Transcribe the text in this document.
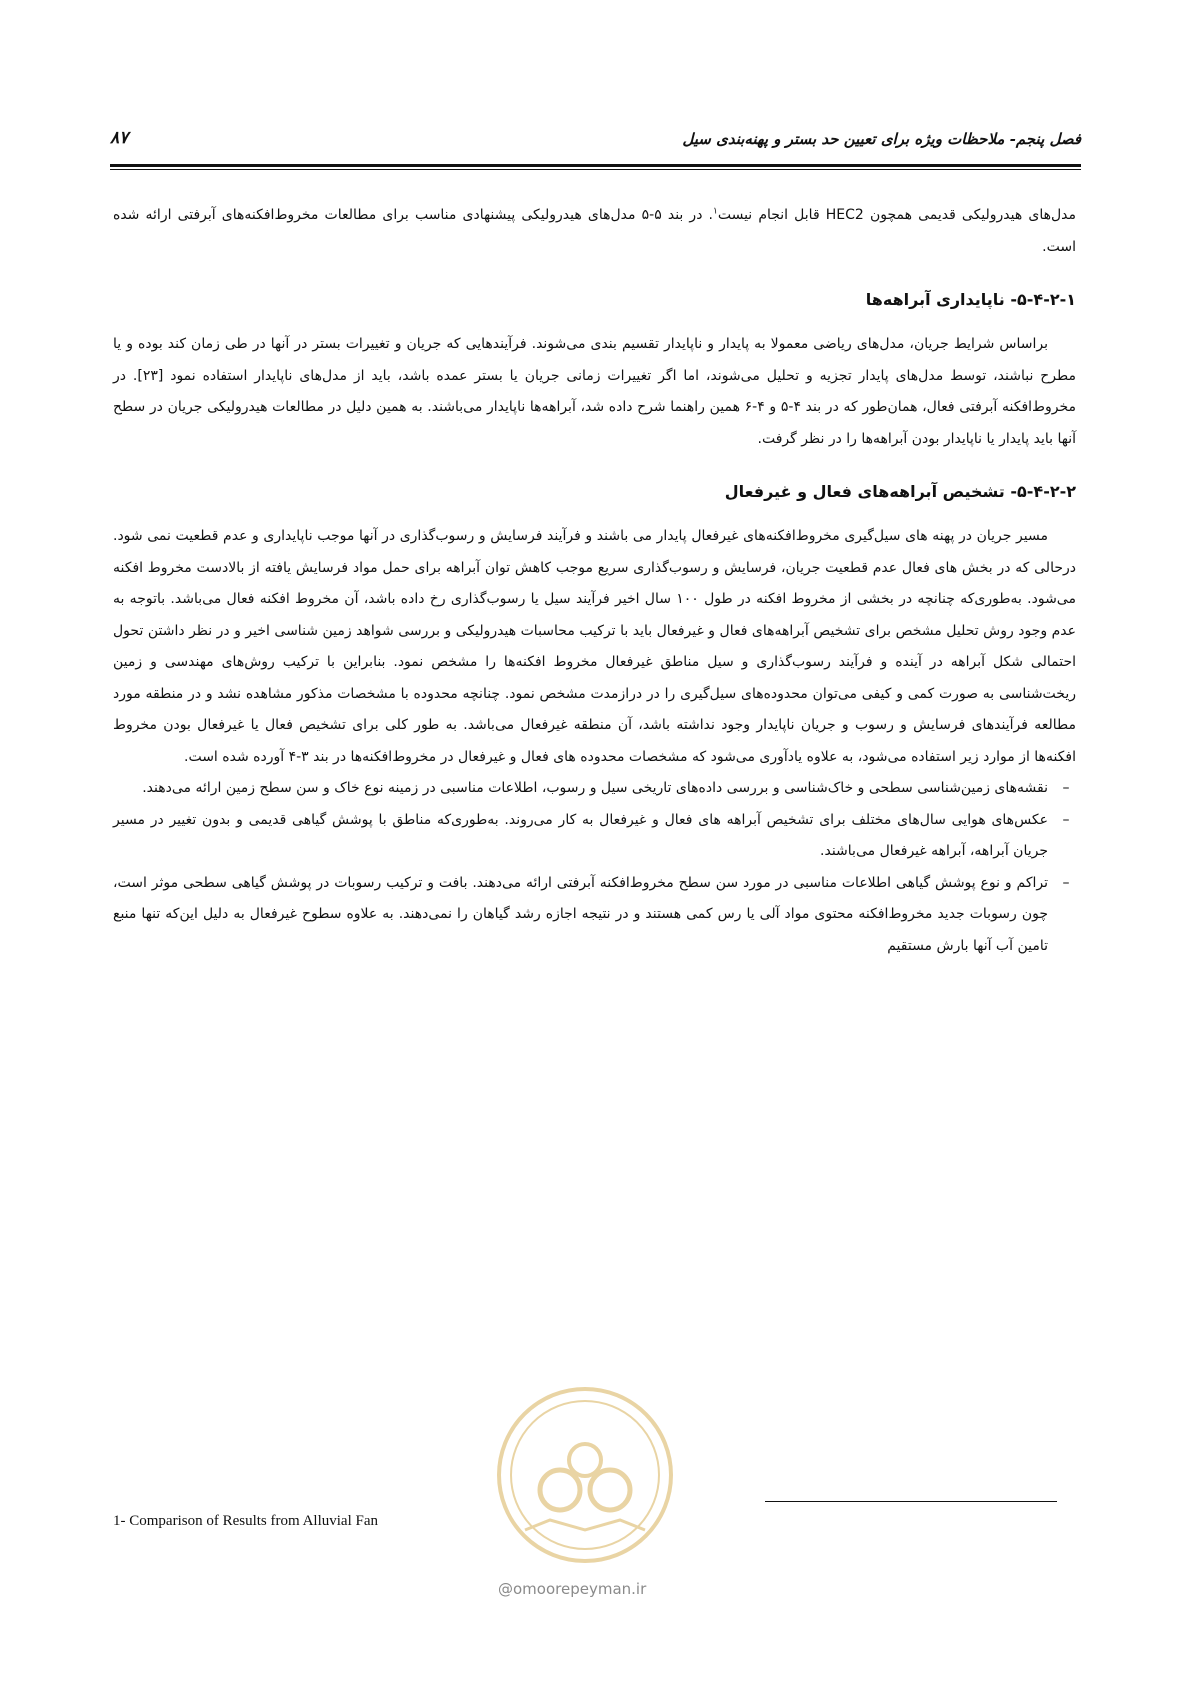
فصل پنجم- ملاحظات ویژه برای تعیین حد بستر و پهنه‌بندی سیل
۸۷

مدل‌های هیدرولیکی قدیمی همچون HEC2 قابل انجام نیست$^۱$. در بند ۵-۵ مدل‌های هیدرولیکی پیشنهادی مناسب برای مطالعات مخروط‌افکنه‌های آبرفتی ارائه شده است.

۵-۴-۲-۱- ناپایداری آبراهه‌ها

براساس شرایط جریان، مدل‌های ریاضی معمولا به پایدار و ناپایدار تقسیم بندی می‌شوند. فرآیندهایی که جریان و تغییرات بستر در آنها در طی زمان کند بوده و یا مطرح نباشند، توسط مدل‌های پایدار تجزیه و تحلیل می‌شوند، اما اگر تغییرات زمانی جریان یا بستر عمده باشد، باید از مدل‌های ناپایدار استفاده نمود [۲۳]. در مخروط‌افکنه آبرفتی فعال، همان‌طور که در بند ۴-۵ و ۴-۶ همین راهنما شرح داده شد، آبراهه‌ها ناپایدار می‌باشند. به همین دلیل در مطالعات هیدرولیکی جریان در سطح آنها باید پایدار یا ناپایدار بودن آبراهه‌ها را در نظر گرفت.

۵-۴-۲-۲- تشخیص آبراهه‌های فعال و غیرفعال

مسیر جریان در پهنه های سیل‌گیری مخروط‌افکنه‌های غیرفعال پایدار می باشند و فرآیند فرسایش و رسوب‌گذاری در آنها موجب ناپایداری و عدم قطعیت نمی شود. درحالی که در بخش های فعال عدم قطعیت جریان، فرسایش و رسوب‌گذاری سریع موجب کاهش توان آبراهه برای حمل مواد فرسایش یافته از بالادست مخروط افکنه می‌شود. به‌طوری‌که چنانچه در بخشی از مخروط افکنه در طول ۱۰۰ سال اخیر فرآیند سیل یا رسوب‌گذاری رخ داده باشد، آن مخروط افکنه فعال می‌باشد. باتوجه به عدم وجود روش تحلیل مشخص برای تشخیص آبراهه‌های فعال و غیرفعال باید با ترکیب محاسبات هیدرولیکی و بررسی شواهد زمین شناسی اخیر و در نظر داشتن تحول احتمالی شکل آبراهه در آینده و فرآیند رسوب‌گذاری و سیل مناطق غیرفعال مخروط افکنه‌ها را مشخص نمود. بنابراین با ترکیب روش‌های مهندسی و زمین ریخت‌شناسی به صورت کمی و کیفی می‌توان محدوده‌های سیل‌گیری را در درازمدت مشخص نمود. چنانچه محدوده با مشخصات مذکور مشاهده نشد و در منطقه مورد مطالعه فرآیندهای فرسایش و رسوب و جریان ناپایدار وجود نداشته باشد، آن منطقه غیرفعال می‌باشد. به طور کلی برای تشخیص فعال یا غیرفعال بودن مخروط افکنه‌ها از موارد زیر استفاده می‌شود، به علاوه یادآوری می‌شود که مشخصات محدوده های فعال و غیرفعال در مخروط‌افکنه‌ها در بند ۳-۴ آورده شده است.

–
نقشه‌های زمین‌شناسی سطحی و خاک‌شناسی و بررسی داده‌های تاریخی سیل و رسوب، اطلاعات مناسبی در زمینه نوع خاک و سن سطح زمین ارائه می‌دهند.
–
عکس‌های هوایی سال‌های مختلف برای تشخیص آبراهه های فعال و غیرفعال به کار می‌روند. به‌طوری‌که مناطق با پوشش گیاهی قدیمی و بدون تغییر در مسیر جریان آبراهه، آبراهه غیرفعال می‌باشند.
–
تراکم و نوع پوشش گیاهی اطلاعات مناسبی در مورد سن سطح مخروط‌افکنه آبرفتی ارائه می‌دهند. بافت و ترکیب رسوبات در پوشش گیاهی سطحی موثر است، چون رسوبات جدید مخروط‌افکنه محتوی مواد آلی یا رس کمی هستند و در نتیجه اجازه رشد گیاهان را نمی‌دهند. به علاوه سطوح غیرفعال به دلیل این‌که تنها منبع تامین آب آنها بارش مستقیم
@omoorepeyman.ir
1- Comparison of Results from Alluvial Fan
